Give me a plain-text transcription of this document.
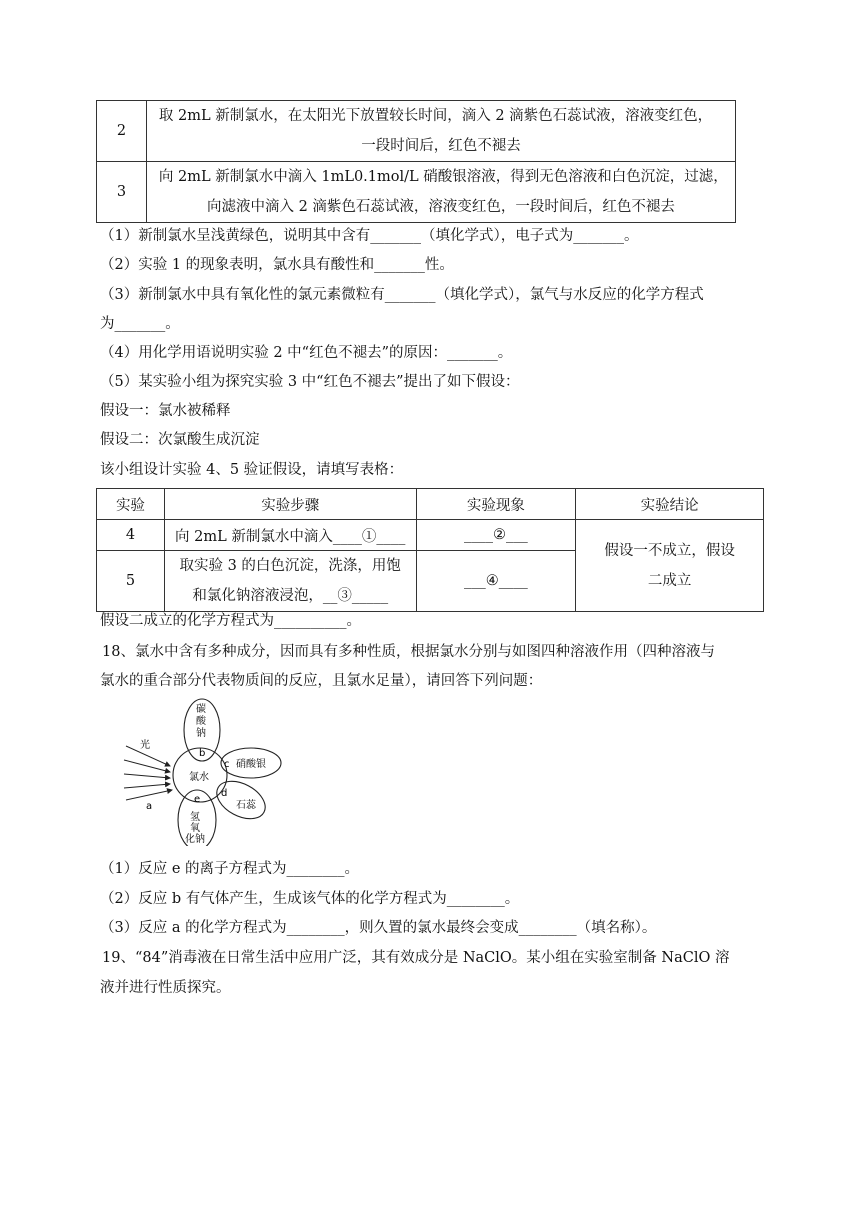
2	取 2mL 新制氯水，在太阳光下放置较长时间，滴入 2 滴紫色石蕊试液，溶液变红色，
一段时间后，红色不褪去

3	向 2mL 新制氯水中滴入 1mL0.1mol/L 硝酸银溶液，得到无色溶液和白色沉淀，过滤，
向滤液中滴入 2 滴紫色石蕊试液，溶液变红色，一段时间后，红色不褪去
（1）新制氯水呈浅黄绿色，说明其中含有_______（填化学式），电子式为_______。
（2）实验 1 的现象表明，氯水具有酸性和_______性。
（3）新制氯水中具有氧化性的氯元素微粒有_______（填化学式），氯气与水反应的化学方程式
为_______。
（4）用化学用语说明实验 2 中“红色不褪去”的原因：_______。
（5）某实验小组为探究实验 3 中“红色不褪去”提出了如下假设：
假设一：氯水被稀释
假设二：次氯酸生成沉淀
该小组设计实验 4、5 验证假设，请填写表格：
实验	实验步骤	实验现象	实验结论
4	向 2mL 新制氯水中滴入____①____	____②___	假设一不成立，假设
二成立

5	取实验 3 的白色沉淀，洗涤，用饱
和氯化钠溶液浸泡，__③_____	___④____	
假设二成立的化学方程式为__________。
18、氯水中含有多种成分，因而具有多种性质，根据氯水分别与如图四种溶液作用（四种溶液与
氯水的重合部分代表物质间的反应，且氯水足量），请回答下列问题：
光
a
氯水
碳
酸
钠
b
c 硝酸银
d
石蕊
e
氢
氧
化钠
（1）反应 e 的离子方程式为________。
（2）反应 b 有气体产生，生成该气体的化学方程式为________。
（3）反应 a 的化学方程式为________，则久置的氯水最终会变成________（填名称）。
19、“84”消毒液在日常生活中应用广泛，其有效成分是 NaClO。某小组在实验室制备 NaClO 溶
液并进行性质探究。
